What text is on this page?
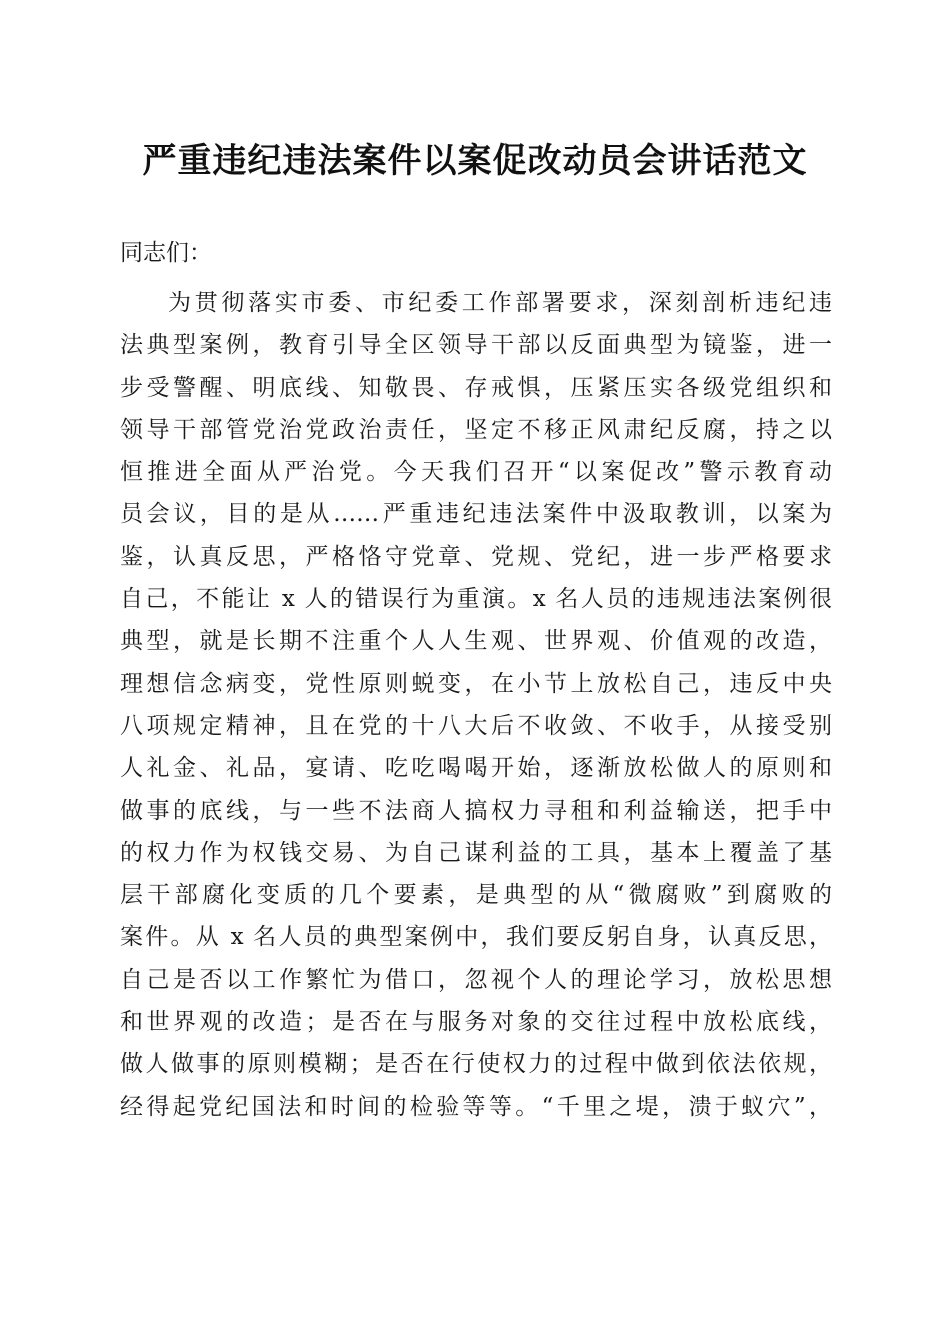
严重违纪违法案件以案促改动员会讲话范文
同志们：
为贯彻落实市委、市纪委工作部署要求，深刻剖析违纪违
法典型案例，教育引导全区领导干部以反面典型为镜鉴，进一
步受警醒、明底线、知敬畏、存戒惧，压紧压实各级党组织和
领导干部管党治党政治责任，坚定不移正风肃纪反腐，持之以
恒推进全面从严治党。今天我们召开“以案促改”警示教育动
员会议，目的是从……严重违纪违法案件中汲取教训，以案为
鉴，认真反思，严格恪守党章、党规、党纪，进一步严格要求
自己，不能让 x 人的错误行为重演。x 名人员的违规违法案例很
典型，就是长期不注重个人人生观、世界观、价值观的改造，
理想信念病变，党性原则蜕变，在小节上放松自己，违反中央
八项规定精神，且在党的十八大后不收敛、不收手，从接受别
人礼金、礼品，宴请、吃吃喝喝开始，逐渐放松做人的原则和
做事的底线，与一些不法商人搞权力寻租和利益输送，把手中
的权力作为权钱交易、为自己谋利益的工具，基本上覆盖了基
层干部腐化变质的几个要素，是典型的从“微腐败”到腐败的
案件。从 x 名人员的典型案例中，我们要反躬自身，认真反思，
自己是否以工作繁忙为借口，忽视个人的理论学习，放松思想
和世界观的改造；是否在与服务对象的交往过程中放松底线，
做人做事的原则模糊；是否在行使权力的过程中做到依法依规，
经得起党纪国法和时间的检验等等。“千里之堤，溃于蚁穴”，
